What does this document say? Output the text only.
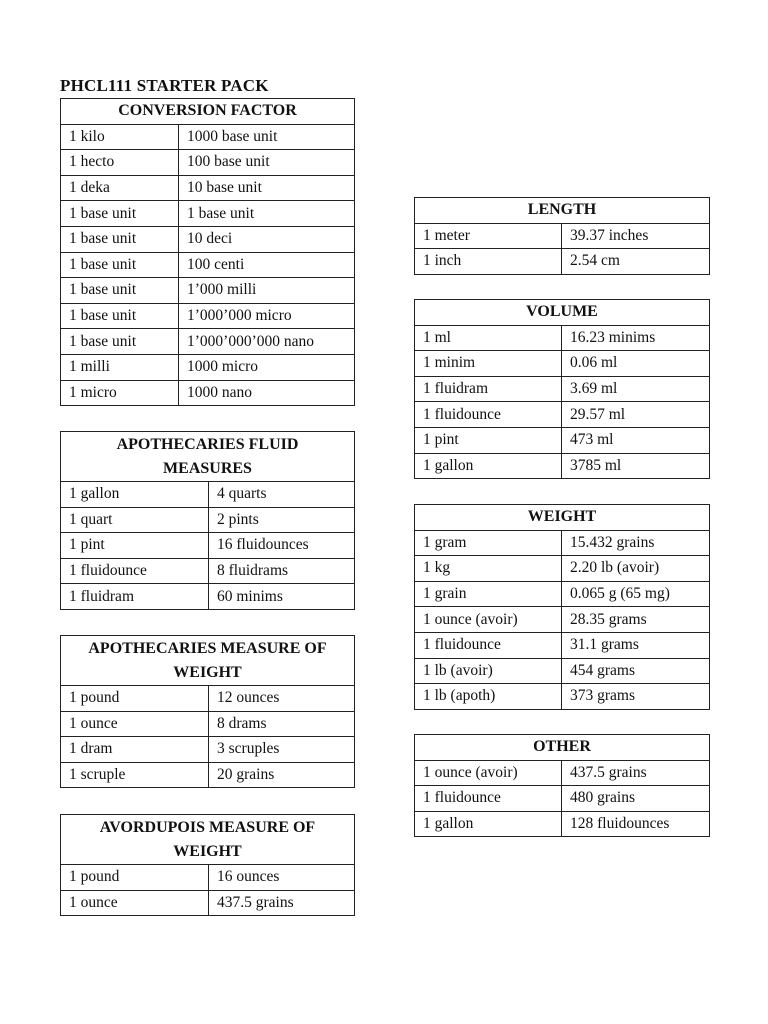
PHCL111 STARTER PACK
CONVERSION FACTOR	
1 kilo	1000 base unit
1 hecto	100 base unit
1 deka	10 base unit
1 base unit	1 base unit
1 base unit	10 deci
1 base unit	100 centi
1 base unit	1’000 milli
1 base unit	1’000’000 micro
1 base unit	1’000’000’000 nano
1 milli	1000 micro
1 micro	1000 nano
APOTHECARIES FLUID MEASURES	
1 gallon	4 quarts
1 quart	2 pints
1 pint	16 fluidounces
1 fluidounce	8 fluidrams
1 fluidram	60 minims
APOTHECARIES MEASURE OF WEIGHT	
1 pound	12 ounces
1 ounce	8 drams
1 dram	3 scruples
1 scruple	20 grains
AVORDUPOIS MEASURE OF WEIGHT	
1 pound	16 ounces
1 ounce	437.5 grains
LENGTH	
1 meter	39.37 inches
1 inch	2.54 cm
VOLUME	
1 ml	16.23 minims
1 minim	0.06 ml
1 fluidram	3.69 ml
1 fluidounce	29.57 ml
1 pint	473 ml
1 gallon	3785 ml
WEIGHT	
1 gram	15.432 grains
1 kg	2.20 lb (avoir)
1 grain	0.065 g (65 mg)
1 ounce (avoir)	28.35 grams
1 fluidounce	31.1 grams
1 lb (avoir)	454 grams
1 lb (apoth)	373 grams
OTHER	
1 ounce (avoir)	437.5 grains
1 fluidounce	480 grains
1 gallon	128 fluidounces
